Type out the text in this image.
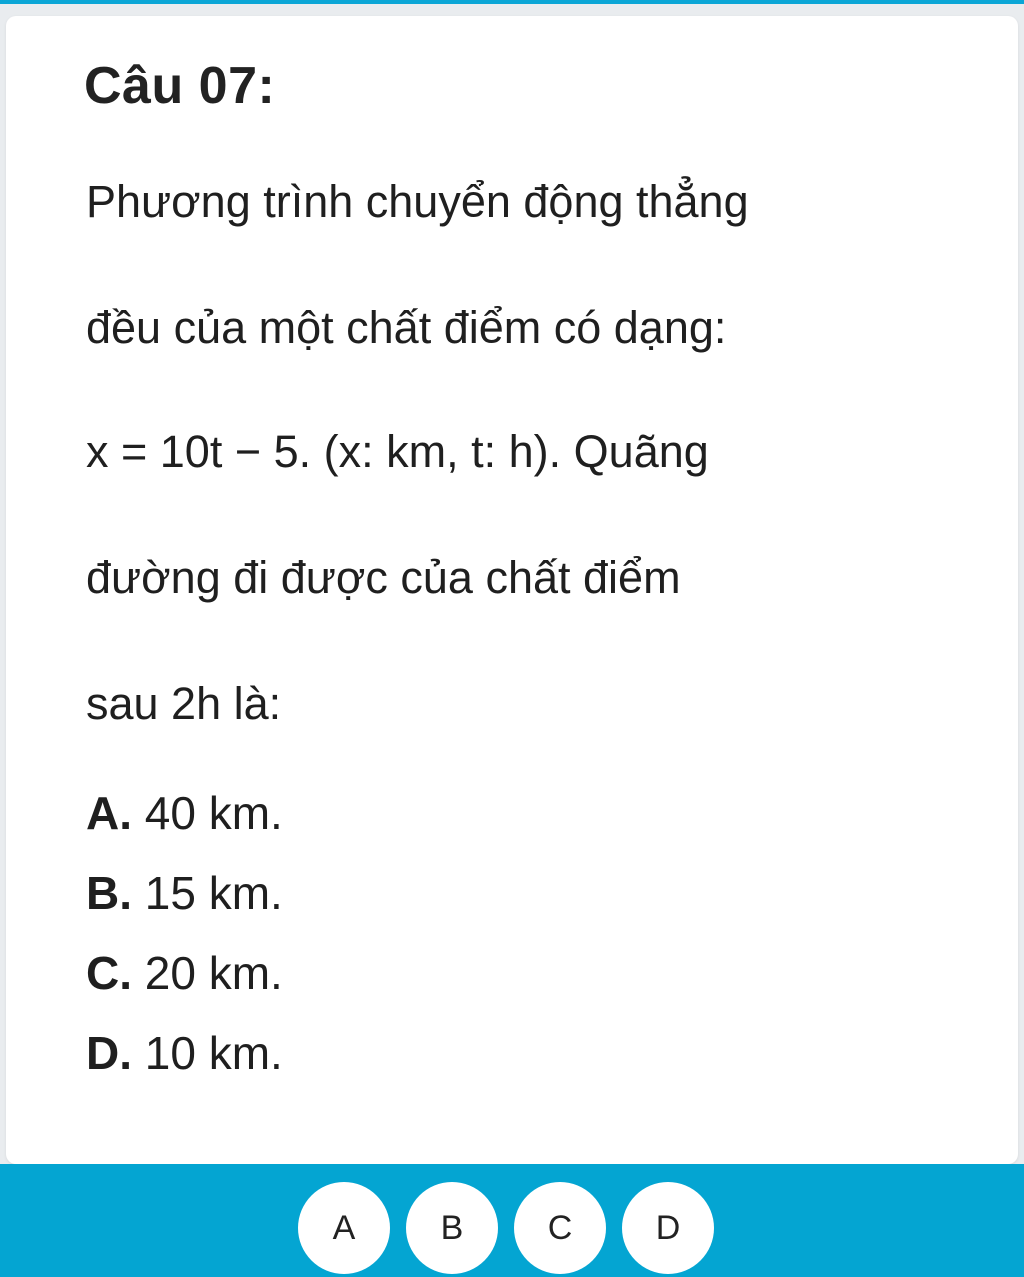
Câu 07:
Phương trình chuyển động thẳng
đều của một chất điểm có dạng:
x = 10t − 5. (x: km, t: h). Quãng
đường đi được của chất điểm
sau 2h là:
A. 40 km.
B. 15 km.
C. 20 km.
D. 10 km.
A	B	C	D
